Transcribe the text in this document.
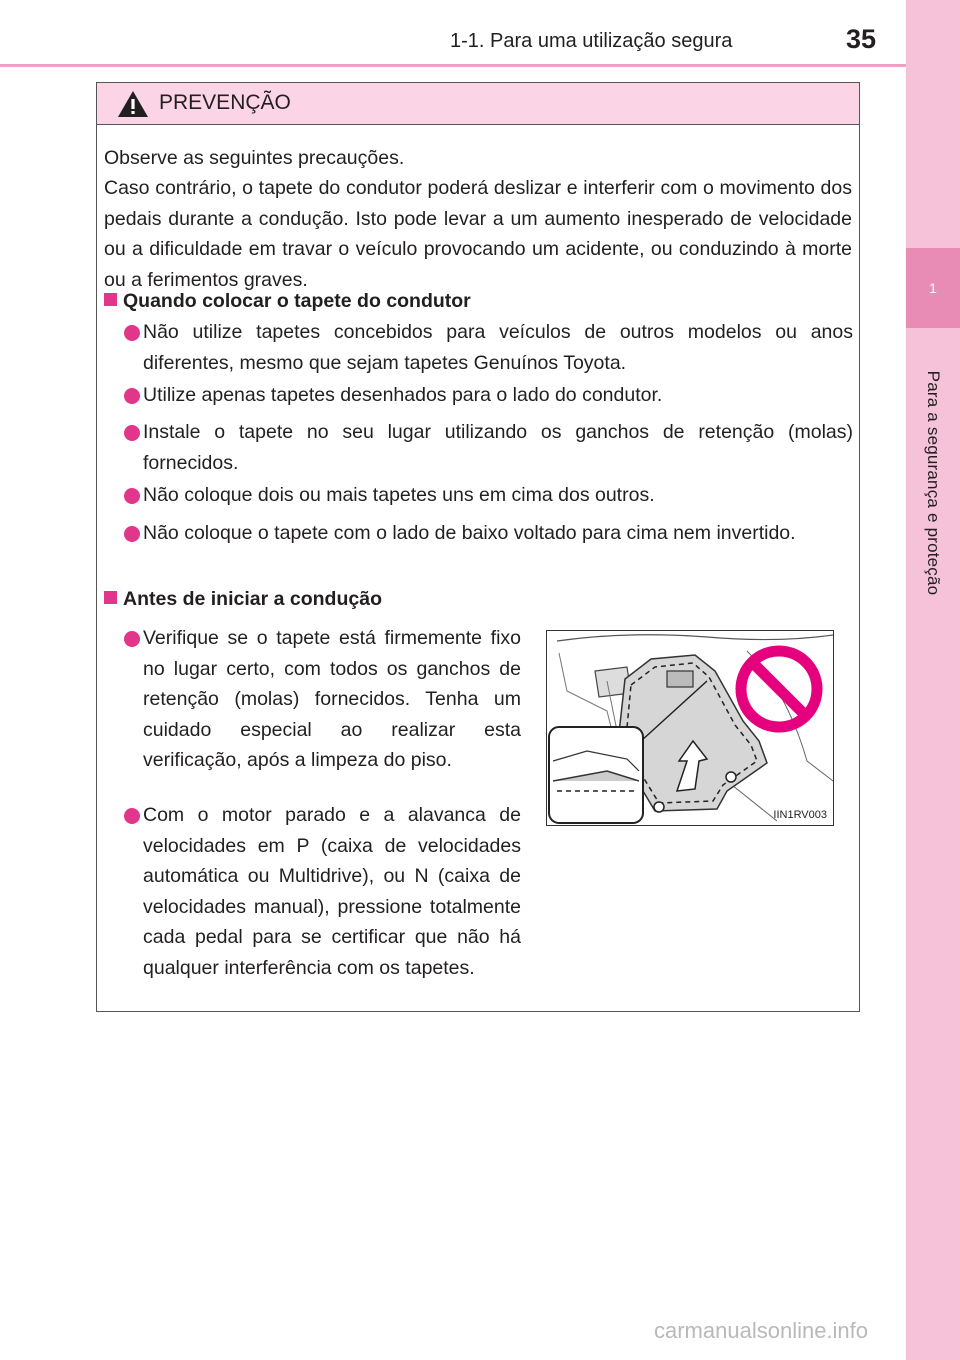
1-1. Para uma utilização segura	35
1
Para a segurança e proteção
PREVENÇÃO
Observe as seguintes precauções.
Caso contrário, o tapete do condutor poderá deslizar e interferir com o movimento dos pedais durante a condução. Isto pode levar a um aumento inesperado de velocidade ou a dificuldade em travar o veículo provocando um acidente, ou conduzindo à morte ou a ferimentos graves.
Quando colocar o tapete do condutor
Não utilize tapetes concebidos para veículos de outros modelos ou anos diferentes, mesmo que sejam tapetes Genuínos Toyota.
Utilize apenas tapetes desenhados para o lado do condutor.
Instale o tapete no seu lugar utilizando os ganchos de retenção (molas) fornecidos.
Não coloque dois ou mais tapetes uns em cima dos outros.
Não coloque o tapete com o lado de baixo voltado para cima nem invertido.
Antes de iniciar a condução
Verifique se o tapete está firmemente fixo no lugar certo, com todos os ganchos de retenção (molas) fornecidos. Tenha um cuidado especial ao realizar esta verificação, após a limpeza do piso.
Com o motor parado e a alavanca de velocidades em P (caixa de velocidades automática ou Multidrive), ou N (caixa de velocidades manual), pressione totalmente cada pedal para se certificar que não há qualquer interferência com os tapetes.
IIN1RV003
carmanualsonline.info
